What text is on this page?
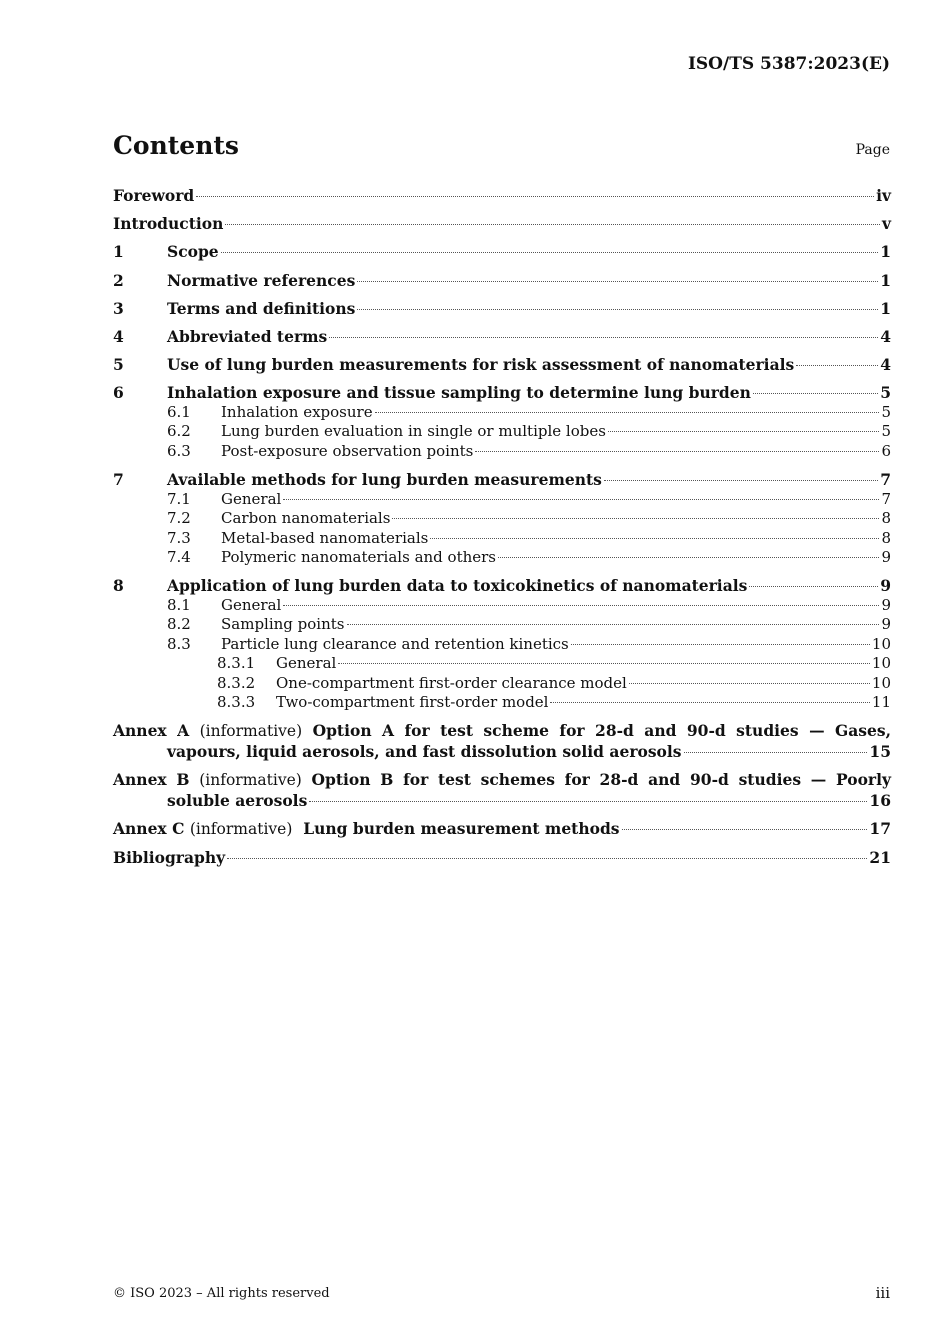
ISO/TS 5387:2023(E)
Contents	Page
Foreword	iv
Introduction	v
1	Scope	1
2	Normative references	1
3	Terms and definitions	1
4	Abbreviated terms	4
5	Use of lung burden measurements for risk assessment of nanomaterials	4
6	Inhalation exposure and tissue sampling to determine lung burden	5
6.1	Inhalation exposure	5
6.2	Lung burden evaluation in single or multiple lobes	5
6.3	Post-exposure observation points	6
7	Available methods for lung burden measurements	7
7.1	General	7
7.2	Carbon nanomaterials	8
7.3	Metal-based nanomaterials	8
7.4	Polymeric nanomaterials and others	9
8	Application of lung burden data to toxicokinetics of nanomaterials	9
8.1	General	9
8.2	Sampling points	9
8.3	Particle lung clearance and retention kinetics	10
8.3.1	General	10
8.3.2	One-compartment first-order clearance model	10
8.3.3	Two-compartment first-order model	11
Annex A (informative) Option A for test scheme for 28-d and 90-d studies — Gases,
vapours, liquid aerosols, and fast dissolution solid aerosols	15
Annex B (informative) Option B for test schemes for 28-d and 90-d studies — Poorly
soluble aerosols	16
Annex C (informative) Lung burden measurement methods	17
Bibliography	21
© ISO 2023 – All rights reserved	iii
